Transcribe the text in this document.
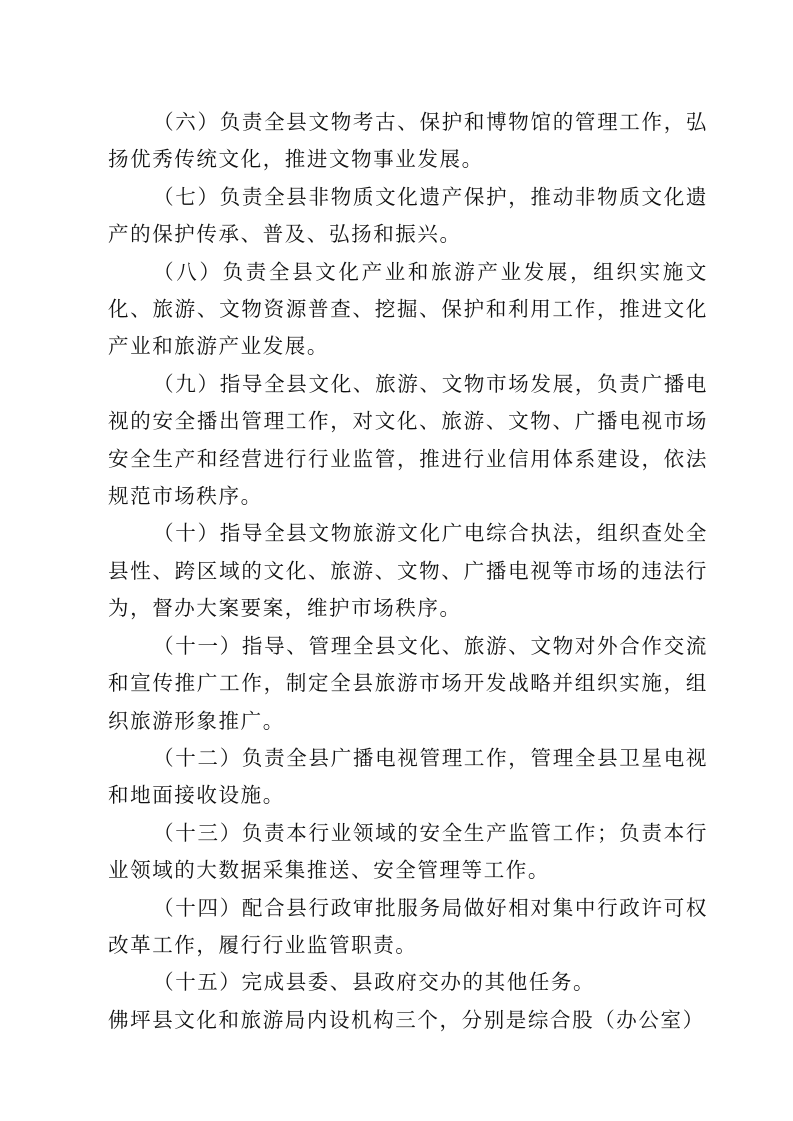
（六）负责全县文物考古、保护和博物馆的管理工作，弘扬优秀传统文化，推进文物事业发展。

（七）负责全县非物质文化遗产保护，推动非物质文化遗产的保护传承、普及、弘扬和振兴。

（八）负责全县文化产业和旅游产业发展，组织实施文化、旅游、文物资源普查、挖掘、保护和利用工作，推进文化产业和旅游产业发展。

（九）指导全县文化、旅游、文物市场发展，负责广播电视的安全播出管理工作，对文化、旅游、文物、广播电视市场安全生产和经营进行行业监管，推进行业信用体系建设，依法规范市场秩序。

（十）指导全县文物旅游文化广电综合执法，组织查处全县性、跨区域的文化、旅游、文物、广播电视等市场的违法行为，督办大案要案，维护市场秩序。

（十一）指导、管理全县文化、旅游、文物对外合作交流和宣传推广工作，制定全县旅游市场开发战略并组织实施，组织旅游形象推广。

（十二）负责全县广播电视管理工作，管理全县卫星电视和地面接收设施。

（十三）负责本行业领域的安全生产监管工作；负责本行业领域的大数据采集推送、安全管理等工作。

（十四）配合县行政审批服务局做好相对集中行政许可权改革工作，履行行业监管职责。

（十五）完成县委、县政府交办的其他任务。

佛坪县文化和旅游局内设机构三个，分别是综合股（办公室）
